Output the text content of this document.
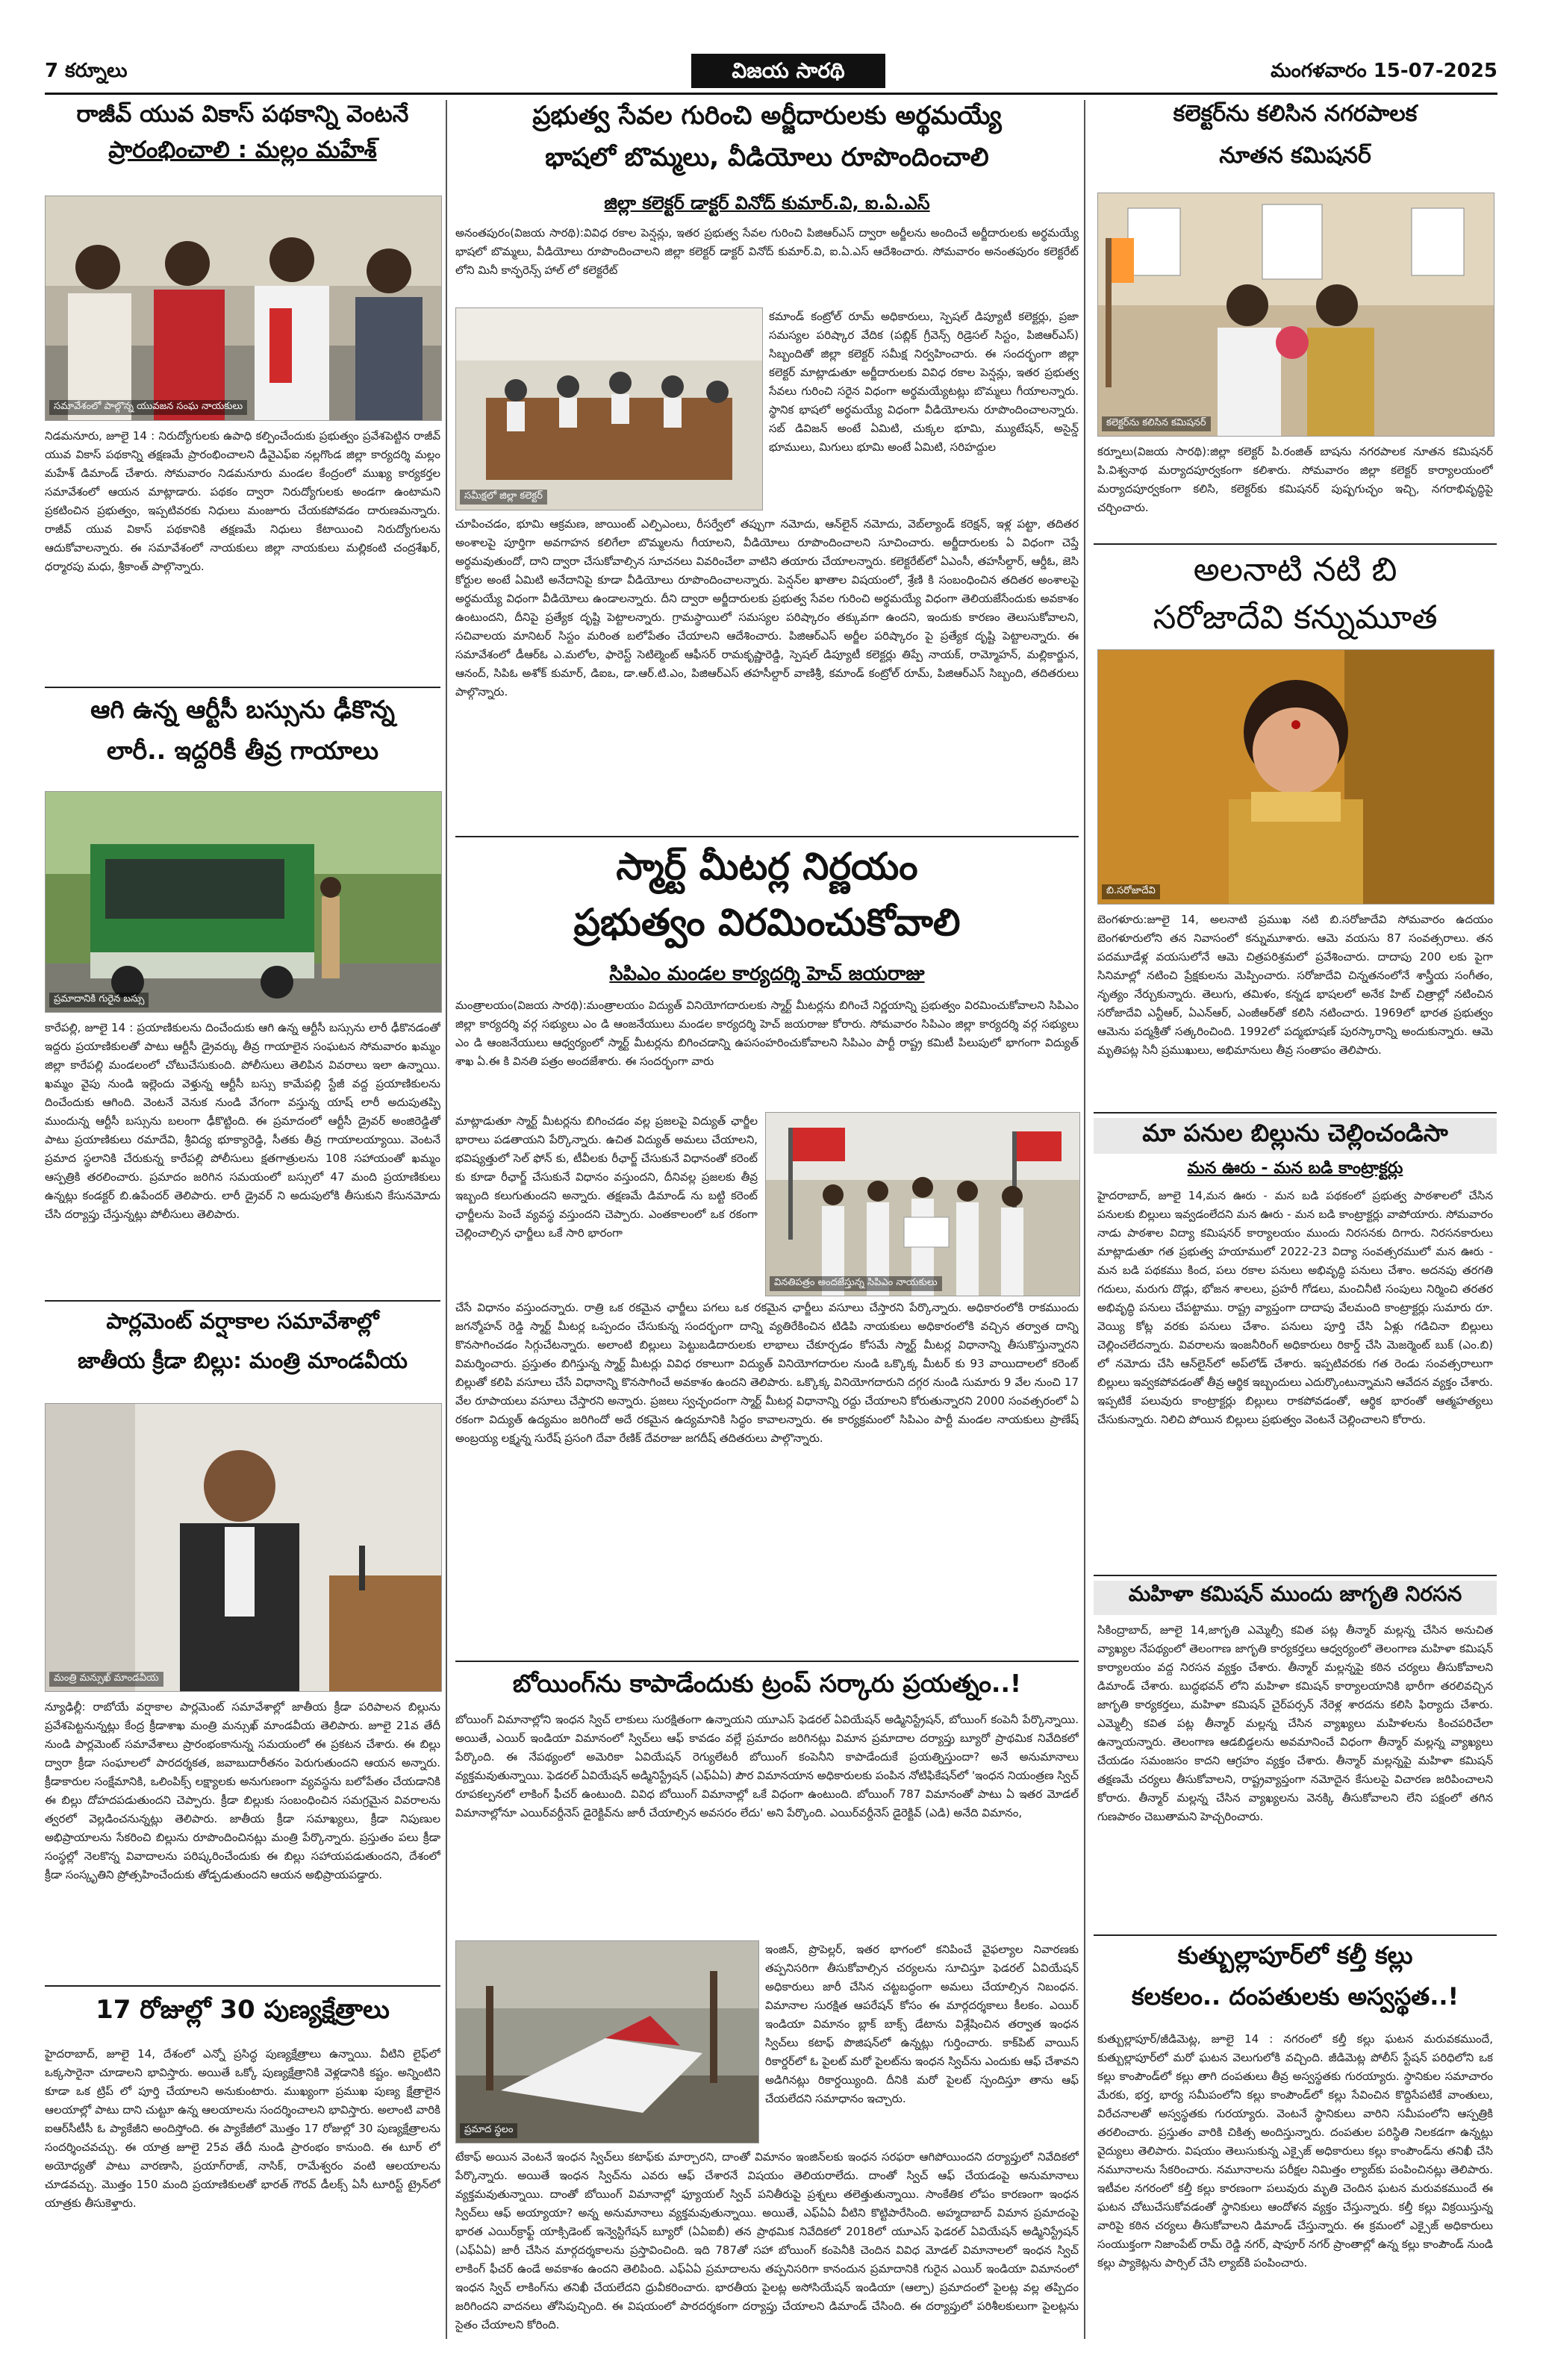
7 కర్నూలు	విజయ సారథి	మంగళవారం 15-07-2025
రాజీవ్ యువ వికాస్ పథకాన్ని వెంటనే
ప్రారంభించాలి : మల్లం మహేశ్
నిడమనూరు, జూలై 14 : నిరుద్యోగులకు ఉపాధి కల్పించేందుకు ప్రభుత్వం ప్రవేశపెట్టిన రాజీవ్ యువ వికాస్ పథకాన్ని తక్షణమే ప్రారంభించాలని డీవైఎఫ్ఐ నల్లగొండ జిల్లా కార్యదర్శి మల్లం మహేశ్ డిమాండ్ చేశారు. సోమవారం నిడమనూరు మండల కేంద్రంలో ముఖ్య కార్యకర్తల సమావేశంలో ఆయన మాట్లాడారు. పథకం ద్వారా నిరుద్యోగులకు అండగా ఉంటామని ప్రకటించిన ప్రభుత్వం, ఇప్పటివరకు నిధులు మంజూరు చేయకపోవడం దారుణమన్నారు. రాజీవ్ యువ వికాస్ పథకానికి తక్షణమే నిధులు కేటాయించి నిరుద్యోగులను ఆదుకోవాలన్నారు. ఈ సమావేశంలో నాయకులు జిల్లా నాయకులు మల్లికంటి చంద్రశేఖర్, ధర్మారపు మధు, శ్రీకాంత్ పాల్గొన్నారు.
ఆగి ఉన్న ఆర్టీసీ బస్సును ఢీకొన్న
లారీ.. ఇద్దరికీ తీవ్ర గాయాలు
కారేపల్లి, జూలై 14 : ప్రయాణికులను దించేందుకు ఆగి ఉన్న ఆర్టీసీ బస్సును లారీ ఢీకొనడంతో ఇద్దరు ప్రయాణికులతో పాటు ఆర్టీసీ డ్రైవర్కు తీవ్ర గాయాలైన సంఘటన సోమవారం ఖమ్మం జిల్లా కారేపల్లి మండలంలో చోటుచేసుకుంది. పోలీసులు తెలిపిన వివరాలు ఇలా ఉన్నాయి. ఖమ్మం వైపు నుండి ఇల్లెందు వెళ్తున్న ఆర్టీసీ బస్సు కామేపల్లి స్టేజీ వద్ద ప్రయాణికులను దించేందుకు ఆగింది. వెంటనే వెనుక నుండి వేగంగా వస్తున్న యాష్ లారీ అదుపుతప్పి ముందున్న ఆర్టీసీ బస్సును బలంగా ఢీకొట్టింది. ఈ ప్రమాదంలో ఆర్టీసీ డ్రైవర్ అంజిరెడ్డితో పాటు ప్రయాణికులు రమాదేవి, శ్రీవిద్య భూక్యారెడ్డి, సీతకు తీవ్ర గాయాలయ్యాయి. వెంటనే ప్రమాద స్థలానికి చేరుకున్న కారేపల్లి పోలీసులు క్షతగాత్రులను 108 సహాయంతో ఖమ్మం ఆస్పత్రికి తరలించారు. ప్రమాదం జరిగిన సమయంలో బస్సులో 47 మంది ప్రయాణికులు ఉన్నట్లు కండక్టర్ బి.ఉపేందర్ తెలిపారు. లారీ డ్రైవర్ ని అదుపులోకి తీసుకుని కేసునమోదు చేసి దర్యాప్తు చేస్తున్నట్లు పోలీసులు తెలిపారు.
పార్లమెంట్ వర్షాకాల సమావేశాల్లో
జాతీయ క్రీడా బిల్లు: మంత్రి మాండవీయ
న్యూఢిల్లీ: రాబోయే వర్షాకాల పార్లమెంట్ సమావేశాల్లో జాతీయ క్రీడా పరిపాలన బిల్లును ప్రవేశపెట్టనున్నట్లు కేంద్ర క్రీడాశాఖ మంత్రి మన్సుఖ్ మాండవీయ తెలిపారు. జూలై 21వ తేదీ నుండి పార్లమెంట్ సమావేశాలు ప్రారంభంకానున్న సమయంలో ఈ ప్రకటన చేశారు. ఈ బిల్లు ద్వారా క్రీడా సంఘాలలో పారదర్శకత, జవాబుదారీతనం పెరుగుతుందని ఆయన అన్నారు. క్రీడాకారుల సంక్షేమానికి, ఒలింపిక్స్ లక్ష్యాలకు అనుగుణంగా వ్యవస్థను బలోపేతం చేయడానికి ఈ బిల్లు దోహదపడుతుందని చెప్పారు. క్రీడా బిల్లుకు సంబంధించిన సమగ్రమైన వివరాలను త్వరలో వెల్లడించనున్నట్లు తెలిపారు. జాతీయ క్రీడా సమాఖ్యలు, క్రీడా నిపుణుల అభిప్రాయాలను సేకరించి బిల్లును రూపొందించినట్లు మంత్రి పేర్కొన్నారు. ప్రస్తుతం పలు క్రీడా సంస్థల్లో నెలకొన్న వివాదాలను పరిష్కరించేందుకు ఈ బిల్లు సహాయపడుతుందని, దేశంలో క్రీడా సంస్కృతిని ప్రోత్సహించేందుకు తోడ్పడుతుందని ఆయన అభిప్రాయపడ్డారు.
17 రోజుల్లో 30 పుణ్యక్షేత్రాలు
హైదరాబాద్, జూలై 14, దేశంలో ఎన్నో ప్రసిద్ధ పుణ్యక్షేత్రాలు ఉన్నాయి. వీటిని లైఫ్‌లో ఒక్కసారైనా చూడాలని భావిస్తారు. అయితే ఒక్కో పుణ్యక్షేత్రానికి వెళ్లడానికి కష్టం. అన్నింటిని కూడా ఒక ట్రిప్ లో పూర్తి చేయాలని అనుకుంటారు. ముఖ్యంగా ప్రముఖ పుణ్య క్షేత్రాలైన ఆలయాల్లో పాటు దాని చుట్టూ ఉన్న ఆలయాలను సందర్శించాలని భావిస్తారు. అలాంటి వారికి ఐఆర్‌సీటీసీ ఓ ప్యాకేజీని అందిస్తోంది. ఈ ప్యాకేజీలో మొత్తం 17 రోజుల్లో 30 పుణ్యక్షేత్రాలను సందర్శించవచ్చు. ఈ యాత్ర జూలై 25వ తేదీ నుండి ప్రారంభం కానుంది. ఈ టూర్ లో అయోధ్యతో పాటు వారణాసి, ప్రయాగ్‌రాజ్, నాసిక్, రామేశ్వరం వంటి ఆలయాలను చూడవచ్చు. మొత్తం 150 మంది ప్రయాణికులతో భారత్ గౌరవ్ డీలక్స్ ఏసీ టూరిస్ట్ ట్రైన్‌లో యాత్రకు తీసుకెళ్తారు.
ప్రభుత్వ సేవల గురించి అర్జీదారులకు అర్థమయ్యే
భాషలో బొమ్మలు, వీడియోలు రూపొందించాలి
జిల్లా కలెక్టర్ డాక్టర్ వినోద్ కుమార్.వి, ఐ.ఏ.ఎస్
అనంతపురం(విజయ సారథి):వివిధ రకాల పెన్షన్లు, ఇతర ప్రభుత్వ సేవల గురించి పిజిఆర్ఎస్ ద్వారా అర్జీలను అందించే అర్జీదారులకు అర్థమయ్యే భాషలో బొమ్మలు, వీడియోలు రూపొందించాలని జిల్లా కలెక్టర్ డాక్టర్ వినోద్ కుమార్.వి, ఐ.ఏ.ఎస్ ఆదేశించారు. సోమవారం అనంతపురం కలెక్టరేట్ లోని మినీ కాన్ఫరెన్స్ హాల్ లో కలెక్టరేట్
కమాండ్ కంట్రోల్ రూమ్ అధికారులు, స్పెషల్ డిప్యూటీ కలెక్టర్లు, ప్రజా సమస్యల పరిష్కార వేదిక (పబ్లిక్ గ్రీవెన్స్ రిడ్రెసల్ సిస్టం, పిజిఆర్ఎస్) సిబ్బందితో జిల్లా కలెక్టర్ సమీక్ష నిర్వహించారు. ఈ సందర్భంగా జిల్లా కలెక్టర్ మాట్లాడుతూ అర్జీదారులకు వివిధ రకాల పెన్షన్లు, ఇతర ప్రభుత్వ సేవలు గురించి సరైన విధంగా అర్థమయ్యేటట్లు బొమ్మలు గీయాలన్నారు. స్థానిక భాషలో అర్థమయ్యే విధంగా వీడియోలను రూపొందించాలన్నారు. సబ్ డివిజన్ అంటే ఏమిటి, చుక్కల భూమి, మ్యుటేషన్, అసైన్డ్ భూములు, మిగులు భూమి అంటే ఏమిటి, సరిహద్దుల
చూపించడం, భూమి ఆక్రమణ, జాయింట్ ఎల్పిఎంలు, రీసర్వేలో తప్పుగా నమోదు, ఆన్‌లైన్ నమోదు, వెబ్‌ల్యాండ్ కరెక్షన్, ఇళ్ల పట్టా, తదితర అంశాలపై పూర్తిగా అవగాహన కలిగేలా బొమ్మలను గీయాలని, వీడియోలు రూపొందించాలని సూచించారు. అర్జీదారులకు ఏ విధంగా చెప్తే అర్థమవుతుందో, దాని ద్వారా చేసుకోవాల్సిన సూచనలు వివరించేలా వాటిని తయారు చేయాలన్నారు. కలెక్టరేట్‌లో ఏఎంసీ, తహసీల్దార్, ఆర్డీఓ, జెసి కోర్టుల అంటే ఏమిటి అనేదానిపై కూడా వీడియోలు రూపొందించాలన్నారు. పెన్షన్‌ల ఖాతాల విషయంలో, శ్రేణి కి సంబంధించిన తదితర అంశాలపై అర్థమయ్యే విధంగా వీడియోలు ఉండాలన్నారు. దీని ద్వారా అర్జీదారులకు ప్రభుత్వ సేవల గురించి అర్థమయ్యే విధంగా తెలియజేసేందుకు అవకాశం ఉంటుందని, దీనిపై ప్రత్యేక దృష్టి పెట్టాలన్నారు. గ్రామస్థాయిలో సమస్యల పరిష్కారం తక్కువగా ఉందని, ఇందుకు కారణం తెలుసుకోవాలని, సచివాలయ మానిటర్ సిస్టం మరింత బలోపేతం చేయాలని ఆదేశించారు. పిజిఆర్ఎస్ అర్జీల పరిష్కారం పై ప్రత్యేక దృష్టి పెట్టాలన్నారు. ఈ సమావేశంలో డీఆర్ఓ ఎ.మలోల, ఫారెస్ట్ సెటిల్మెంట్ ఆఫీసర్ రామకృష్ణారెడ్డి, స్పెషల్ డిప్యూటీ కలెక్టర్లు తిప్పే నాయక్, రామ్మోహన్, మల్లికార్జున, ఆనంద్, సిపిఓ అశోక్ కుమార్, డిఐఒ, డా.ఆర్.టి.ఎం, పిజిఆర్ఎస్ తహసీల్దార్ వాణిశ్రీ, కమాండ్ కంట్రోల్ రూమ్, పిజిఆర్ఎస్ సిబ్బంది, తదితరులు పాల్గొన్నారు.
స్మార్ట్ మీటర్ల నిర్ణయం
ప్రభుత్వం విరమించుకోవాలి
సిపిఎం మండల కార్యదర్శి హెచ్ జయరాజు
మంత్రాలయం(విజయ సారథి):మంత్రాలయం విద్యుత్ వినియోగదారులకు స్మార్ట్ మీటర్లను బిగించే నిర్ణయాన్ని ప్రభుత్వం విరమించుకోవాలని సిపిఎం జిల్లా కార్యదర్శి వర్గ సభ్యులు ఎం డి ఆంజనేయులు మండల కార్యదర్శి హెచ్ జయరాజు కోరారు. సోమవారం సిపిఎం జిల్లా కార్యదర్శి వర్గ సభ్యులు ఎం డి ఆంజనేయులు ఆధ్వర్యంలో స్మార్ట్ మీటర్లను బిగించడాన్ని ఉపసంహరించుకోవాలని సిపిఎం పార్టీ రాష్ట్ర కమిటీ పిలుపులో భాగంగా విద్యుత్ శాఖ ఏ.ఈ కి వినతి పత్రం అందజేశారు. ఈ సందర్భంగా వారు
మాట్లాడుతూ స్మార్ట్ మీటర్లను బిగించడం వల్ల ప్రజలపై విద్యుత్ ఛార్జీల భారాలు పడతాయని పేర్కొన్నారు. ఉచిత విద్యుత్ అమలు చేయాలని, భవిష్యత్తులో సెల్ ఫోన్ కు, టీవీలకు రీఛార్జ్ చేసుకునే విధానంతో కరెంట్ కు కూడా రీఛార్జ్ చేసుకునే విధానం వస్తుందని, దీనివల్ల ప్రజలకు తీవ్ర ఇబ్బంది కలుగుతుందని అన్నారు. తక్షణమే డిమాండ్ ను బట్టి కరెంట్ ఛార్జీలను పెంచే వ్యవస్థ వస్తుందని చెప్పారు. ఎంతకాలంలో ఒక రకంగా చెల్లించాల్సిన ఛార్జీలు ఒకే సారి భారంగా
చేసే విధానం వస్తుందన్నారు. రాత్రి ఒక రకమైన ఛార్జీలు పగలు ఒక రకమైన ఛార్జీలు వసూలు చేస్తారని పేర్కొన్నారు. అధికారంలోకి రాకముందు జగన్మోహన్ రెడ్డి స్మార్ట్ మీటర్ల ఒప్పందం చేసుకున్న సందర్భంగా దాన్ని వ్యతిరేకించిన టిడిపి నాయకులు అధికారంలోకి వచ్చిన తర్వాత దాన్ని కొనసాగించడం సిగ్గుచేటన్నారు. అలాంటి బిల్లులు పెట్టుబడిదారులకు లాభాలు చేకూర్చడం కోసమే స్మార్ట్ మీటర్ల విధానాన్ని తీసుకొస్తున్నారని విమర్శించారు. ప్రస్తుతం బిగిస్తున్న స్మార్ట్ మీటర్లు వివిధ రకాలుగా విద్యుత్ వినియోగదారుల నుండి ఒక్కొక్క మీటర్ కు 93 వాయిదాలలో కరెంట్ బిల్లుతో కలిపి వసూలు చేసే విధానాన్ని కొనసాగించే అవకాశం ఉందని తెలిపారు. ఒక్కొక్క వినియోగదారుని దగ్గర నుండి సుమారు 9 వేల నుంచి 17 వేల రూపాయలు వసూలు చేస్తారని అన్నారు. ప్రజలు స్వచ్ఛందంగా స్మార్ట్ మీటర్ల విధానాన్ని రద్దు చేయాలని కోరుతున్నారని 2000 సంవత్సరంలో ఏ రకంగా విద్యుత్ ఉద్యమం జరిగిందో అదే రకమైన ఉద్యమానికి సిద్ధం కావాలన్నారు. ఈ కార్యక్రమంలో సిపిఎం పార్టీ మండల నాయకులు ప్రాణేష్ అంబ్రయ్య లక్ష్మన్న సురేష్ ప్రసంగి దేవా రేణిక్ దేవరాజు జగదీష్ తదితరులు పాల్గొన్నారు.
బోయింగ్‌ను కాపాడేందుకు ట్రంప్ సర్కారు ప్రయత్నం..!
బోయింగ్ విమానాల్లోని ఇంధన స్విచ్ లాకులు సురక్షితంగా ఉన్నాయని యూఎస్ ఫెడరల్ ఏవియేషన్ అడ్మినిస్ట్రేషన్, బోయింగ్ కంపెనీ పేర్కొన్నాయి. అయితే, ఎయిర్ ఇండియా విమానంలో స్విచ్‌లు ఆఫ్ కావడం వల్లే ప్రమాదం జరిగినట్లు విమాన ప్రమాదాల దర్యాప్తు బ్యూరో ప్రాథమిక నివేదికలో పేర్కొంది. ఈ నేపథ్యంలో అమెరికా ఏవియేషన్ రెగ్యులేటరీ బోయింగ్ కంపెనీని కాపాడేందుకే ప్రయత్నిస్తుందా? అనే అనుమానాలు వ్యక్తమవుతున్నాయి. ఫెడరల్ ఏవియేషన్ అడ్మినిస్ట్రేషన్ (ఎఫ్ఏఏ) పౌర విమానయాన అధికారులకు పంపిన నోటిఫికేషన్‌లో 'ఇంధన నియంత్రణ స్విచ్ రూపకల్పనలో లాకింగ్ ఫీచర్ ఉంటుంది. వివిధ బోయింగ్ విమానాల్లో ఒకే విధంగా ఉంటుంది. బోయింగ్ 787 విమానంతో పాటు ఏ ఇతర మోడల్ విమానాల్లోనూ ఎయిర్‌వర్దీనెస్ డైరెక్టివ్‌ను జారీ చేయాల్సిన అవసరం లేదు' అని పేర్కొంది. ఎయిర్‌వర్దీనెస్ డైరెక్టివ్ (ఎడి) అనేది విమానం,
ఇంజిన్, ప్రొపెల్లర్, ఇతర భాగంలో కనిపించే వైఫల్యాల నివారణకు తప్పనిసరిగా తీసుకోవాల్సిన చర్యలను సూచిస్తూ ఫెడరల్ ఏవియేషన్ అధికారులు జారీ చేసిన చట్టబద్ధంగా అమలు చేయాల్సిన నిబంధన. విమానాల సురక్షిత ఆపరేషన్ కోసం ఈ మార్గదర్శకాలు కీలకం. ఎయిర్ ఇండియా విమానం బ్లాక్ బాక్స్ డేటాను విశ్లేషించిన తర్వాత ఇంధన స్విచ్‌లు కటాఫ్ పొజిషన్‌లో ఉన్నట్లు గుర్తించారు. కాక్‌పిట్ వాయిస్ రికార్డర్‌లో ఓ పైలట్ మరో పైలట్‌ను ఇంధన స్విచ్‌ను ఎందుకు ఆఫ్ చేశావని అడిగినట్లు రికార్డయ్యింది. దీనికి మరో పైలట్ స్పందిస్తూ తాను ఆఫ్ చేయలేదని సమాధానం ఇచ్చారు.
టేకాఫ్ అయిన వెంటనే ఇంధన స్విచ్‌లు కటాఫ్‌కు మార్చారని, దాంతో విమానం ఇంజిన్‌లకు ఇంధన సరఫరా ఆగిపోయిందని దర్యాప్తులో నివేదికలో పేర్కొన్నారు. అయితే ఇంధన స్విచ్‌ను ఎవరు ఆఫ్ చేశారనే విషయం తెలియరాలేదు. దాంతో స్విచ్‌ ఆఫ్ చేయడంపై అనుమానాలు వ్యక్తమవుతున్నాయి. దాంతో బోయింగ్ విమానాల్లో ఫ్యూయల్ స్విచ్ పనితీరుపై ప్రశ్నలు తలెత్తుతున్నాయి. సాంకేతిక లోపం కారణంగా ఇంధన స్విచ్‌లు ఆఫ్ అయ్యాయా? అన్న అనుమానాలు వ్యక్తమవుతున్నాయి. అయితే, ఎఫ్ఏఏ వీటిని కొట్టిపారేసింది. అహ్మదాబాద్ విమాన ప్రమాదంపై భారత ఎయిర్‌క్రాఫ్ట్ యాక్సిడెంట్ ఇన్వెస్టిగేషన్ బ్యూరో (ఏఏఐబీ) తన ప్రాథమిక నివేదికలో 2018లో యూఎస్ ఫెడరల్ ఏవియేషన్ అడ్మినిస్ట్రేషన్ (ఎఫ్ఏఏ) జారీ చేసిన మార్గదర్శకాలను ప్రస్తావించింది. ఇది 787తో సహా బోయింగ్ కంపెనీకి చెందిన వివిధ మోడల్ విమానాలలో ఇంధన స్విచ్ లాకింగ్ ఫీచర్‌ ఉండే అవకాశం ఉందని తెలిపింది. ఎఫ్ఏఏ ప్రమాదాలను తప్పనిసరిగా కానందున ప్రమాదానికి గురైన ఎయిర్ ఇండియా విమానంలో ఇంధన స్విచ్ లాకింగ్‌ను తనిఖీ చేయలేదని ధ్రువీకరించారు. భారతీయ పైలట్ల అసోసియేషన్ ఇండియా (ఆల్పా) ప్రమాదంలో పైలట్ల వల్ల తప్పిదం జరిగిందని వాదనలు తోసిపుచ్చింది. ఈ విషయంలో పారదర్శకంగా దర్యాప్తు చేయాలని డిమాండ్ చేసింది. ఈ దర్యాప్తులో పరిశీలకులుగా పైలట్లను సైతం చేయాలని కోరింది.
కలెక్టర్‌ను కలిసిన నగరపాలక
నూతన కమిషనర్
కర్నూలు(విజయ సారథి):జిల్లా కలెక్టర్ పి.రంజిత్ బాషను నగరపాలక నూతన కమిషనర్ పి.విశ్వనాథ మర్యాదపూర్వకంగా కలిశారు. సోమవారం జిల్లా కలెక్టర్ కార్యాలయంలో మర్యాదపూర్వకంగా కలిసి, కలెక్టర్‌కు కమిషనర్ పుష్పగుచ్ఛం ఇచ్చి, నగరాభివృద్ధిపై చర్చించారు.
అలనాటి నటి బి
సరోజాదేవి కన్నుమూత
బెంగళూరు:జూలై 14, అలనాటి ప్రముఖ నటి బి.సరోజాదేవి సోమవారం ఉదయం బెంగళూరులోని తన నివాసంలో కన్నుమూశారు. ఆమె వయసు 87 సంవత్సరాలు. తన పదమూడేళ్ల వయసులోనే ఆమె చిత్రపరిశ్రమలో ప్రవేశించారు. దాదాపు 200 లకు పైగా సినిమాల్లో నటించి ప్రేక్షకులను మెప్పించారు. సరోజాదేవి చిన్నతనంలోనే శాస్త్రీయ సంగీతం, నృత్యం నేర్చుకున్నారు. తెలుగు, తమిళం, కన్నడ భాషలలో అనేక హిట్ చిత్రాల్లో నటించిన సరోజాదేవి ఎన్టీఆర్, ఏఎన్ఆర్, ఎంజీఆర్‌తో కలిసి నటించారు. 1969లో భారత ప్రభుత్వం ఆమెను పద్మశ్రీతో సత్కరించింది. 1992లో పద్మభూషణ్ పురస్కారాన్ని అందుకున్నారు. ఆమె మృతిపట్ల సినీ ప్రముఖులు, అభిమానులు తీవ్ర సంతాపం తెలిపారు.
మా పనుల బిల్లును చెల్లించండిసా
మన ఊరు - మన బడి కాంట్రాక్టర్లు
హైదరాబాద్, జూలై 14,మన ఊరు - మన బడి పథకంలో ప్రభుత్వ పాఠశాలలో చేసిన పనులకు బిల్లులు ఇవ్వడంలేదని మన ఊరు - మన బడి కాంట్రాక్టర్లు వాపోయారు. సోమవారం నాడు పాఠశాల విద్యా కమిషనర్ కార్యాలయం ముందు నిరసనకు దిగారు. నిరసనకారులు మాట్లాడుతూ గత ప్రభుత్వ హయాములో 2022-23 విద్యా సంవత్సరములో మన ఊరు - మన బడి పథకము కింద, పలు రకాల పనులు అభివృద్ధి పనులు చేశాం. అదనపు తరగతి గదులు, మరుగు దొడ్లు, భోజన శాలలు, ప్రహరీ గోడలు, మంచినీటి సంపులు నిర్మించి తరతర అభివృద్ధి పనులు చేపట్టాము. రాష్ట్ర వ్యాప్తంగా దాదాపు వేలమంది కాంట్రాక్టర్లు సుమారు రూ. వెయ్యి కోట్ల వరకు పనులు చేశాం. పనులు పూర్తి చేసి ఏళ్లు గడిచినా బిల్లులు చెల్లించలేదన్నారు. వివరాలను ఇంజనీరింగ్ అధికారులు రికార్డ్ చేసి మెజర్మెంట్ బుక్ (ఎం.బి) లో నమోదు చేసి ఆన్‌లైన్‌లో అప్‌లోడ్ చేశారు. ఇప్పటివరకు గత రెండు సంవత్సరాలుగా బిల్లులు ఇవ్వకపోవడంతో తీవ్ర ఆర్థిక ఇబ్బందులు ఎదుర్కొంటున్నామని ఆవేదన వ్యక్తం చేశారు. ఇప్పటికే పలువురు కాంట్రాక్టర్లు బిల్లులు రాకపోవడంతో, ఆర్థిక భారంతో ఆత్మహత్యలు చేసుకున్నారు. నిలిచి పోయిన బిల్లులు ప్రభుత్వం వెంటనే చెల్లించాలని కోరారు.
మహిళా కమిషన్ ముందు జాగృతి నిరసన
సికింద్రాబాద్, జూలై 14,జాగృతి ఎమ్మెల్సీ కవిత పట్ల తీన్మార్ మల్లన్న చేసిన అనుచిత వ్యాఖ్యల నేపథ్యంలో తెలంగాణ జాగృతి కార్యకర్తలు ఆధ్వర్యంలో తెలంగాణ మహిళా కమిషన్ కార్యాలయం వద్ద నిరసన వ్యక్తం చేశారు. తీన్మార్ మల్లన్నపై కఠిన చర్యలు తీసుకోవాలని డిమాండ్ చేశారు. బుద్ధభవన్ లోని మహిళా కమిషన్ కార్యాలయానికి భారీగా తరలివచ్చిన జాగృతి కార్యకర్తలు, మహిళా కమిషన్ చైర్‌పర్సన్ నేరెళ్ల శారదను కలిసి ఫిర్యాదు చేశారు. ఎమ్మెల్సీ కవిత పట్ల తీన్మార్ మల్లన్న చేసిన వ్యాఖ్యలు మహిళలను కించపరిచేలా ఉన్నాయన్నారు. తెలంగాణ ఆడబిడ్డలను అవమానించే విధంగా తీన్మార్ మల్లన్న వ్యాఖ్యలు చేయడం సమంజసం కాదని ఆగ్రహం వ్యక్తం చేశారు. తీన్మార్ మల్లన్నపై మహిళా కమిషన్ తక్షణమే చర్యలు తీసుకోవాలని, రాష్ట్రవ్యాప్తంగా నమోదైన కేసులపై విచారణ జరిపించాలని కోరారు. తీన్మార్ మల్లన్న చేసిన వ్యాఖ్యలను వెనక్కి తీసుకోవాలని లేని పక్షంలో తగిన గుణపాఠం చెబుతామని హెచ్చరించారు.
కుత్బుల్లాపూర్‌లో కల్తీ కల్లు
కలకలం.. దంపతులకు అస్వస్థత..!
కుత్బుల్లాపూర్/జీడిమెట్ల, జూలై 14 : నగరంలో కల్తీ కల్లు ఘటన మరువకముందే, కుత్బుల్లాపూర్‌లో మరో ఘటన వెలుగులోకి వచ్చింది. జీడిమెట్ల పోలీస్ స్టేషన్ పరిధిలోని ఒక కల్లు కాంపౌండ్‌లో కల్లు తాగి దంపతులు తీవ్ర అస్వస్థతకు గురయ్యారు. స్థానికుల సమాచారం మేరకు, భర్త, భార్య సమీపంలోని కల్లు కాంపౌండ్‌లో కల్లు సేవించిన కొద్దిసేపటికే వాంతులు, విరేచనాలతో అస్వస్థతకు గురయ్యారు. వెంటనే స్థానికులు వారిని సమీపంలోని ఆస్పత్రికి తరలించారు. ప్రస్తుతం వారికి చికిత్స అందిస్తున్నారు. దంపతుల పరిస్థితి నిలకడగా ఉన్నట్లు వైద్యులు తెలిపారు. విషయం తెలుసుకున్న ఎక్సైజ్ అధికారులు కల్లు కాంపౌండ్‌ను తనిఖీ చేసి నమూనాలను సేకరించారు. నమూనాలను పరీక్షల నిమిత్తం ల్యాబ్‌కు పంపించినట్లు తెలిపారు. ఇటీవల నగరంలో కల్తీ కల్లు కారణంగా పలువురు మృతి చెందిన ఘటన మరువకముందే ఈ ఘటన చోటుచేసుకోవడంతో స్థానికులు ఆందోళన వ్యక్తం చేస్తున్నారు. కల్తీ కల్లు విక్రయిస్తున్న వారిపై కఠిన చర్యలు తీసుకోవాలని డిమాండ్ చేస్తున్నారు. ఈ క్రమంలో ఎక్సైజ్ అధికారులు సంయుక్తంగా నిజాంపేట్ రామ్ రెడ్డి నగర్, షాపూర్ నగర్ ప్రాంతాల్లో ఉన్న కల్లు కాంపౌండ్ నుండి కల్లు ప్యాకెట్లను పార్సిల్ చేసి ల్యాబ్‌కి పంపించారు.
సమావేశంలో పాల్గొన్న యువజన సంఘ నాయకులు
ప్రమాదానికి గురైన బస్సు
మంత్రి మన్సుఖ్ మాండవీయ
సమీక్షలో జిల్లా కలెక్టర్
వినతిపత్రం అందజేస్తున్న సిపిఎం నాయకులు
ప్రమాద స్థలం
కలెక్టర్‌ను కలిసిన కమిషనర్
బి.సరోజాదేవి
